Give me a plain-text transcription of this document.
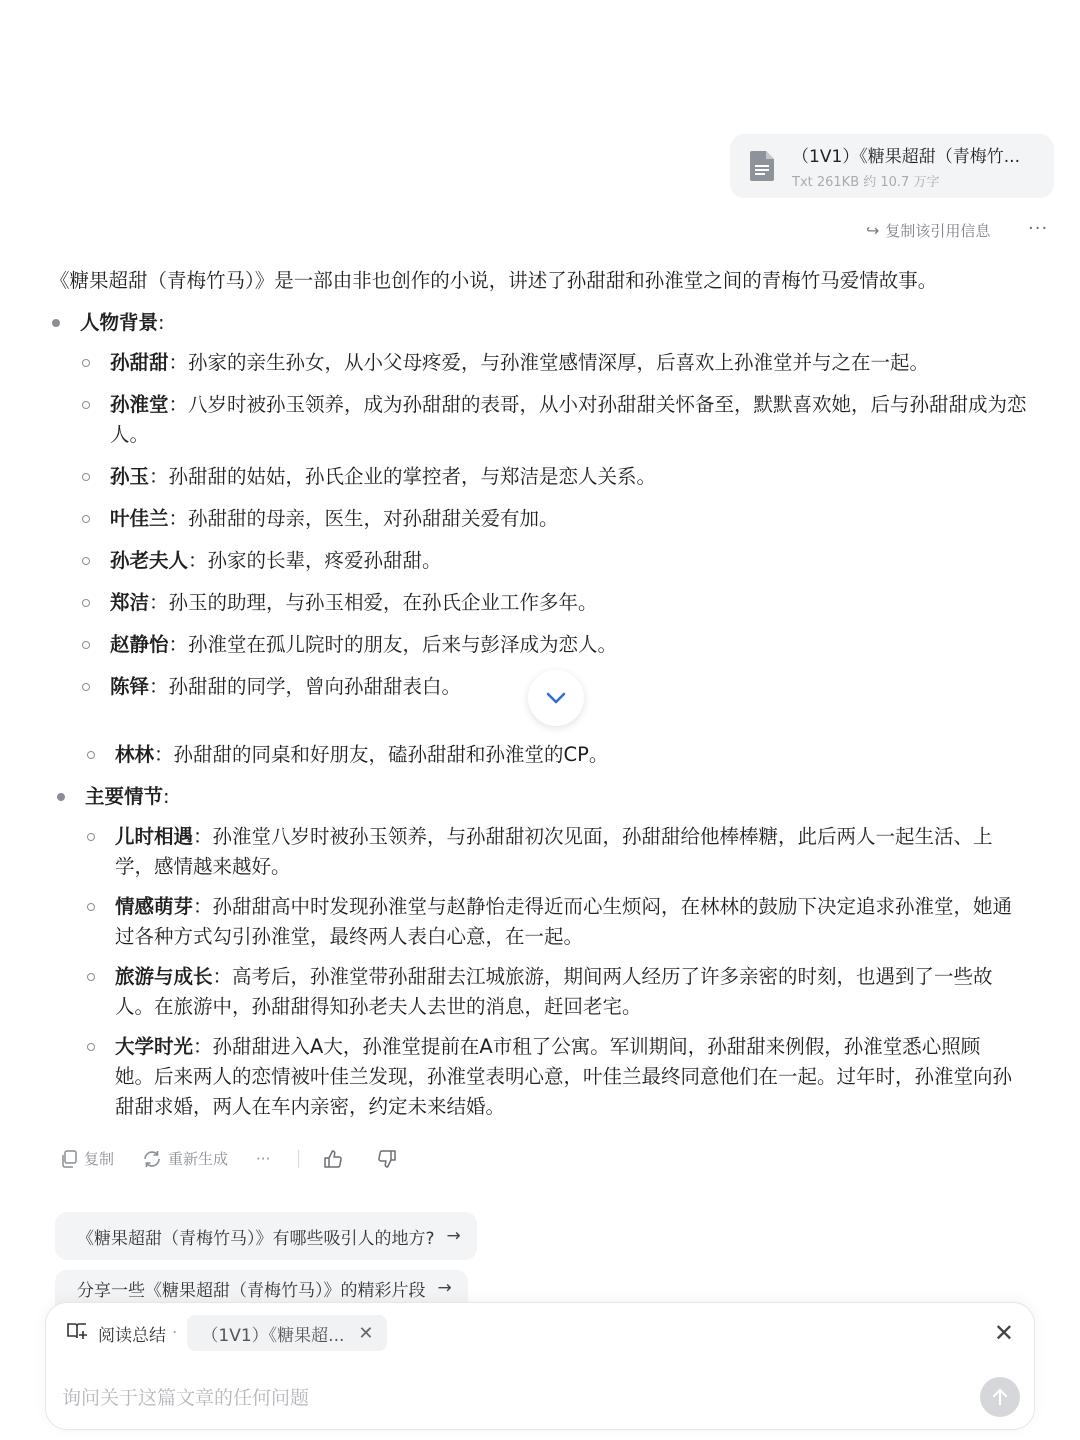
（1V1）《糖果超甜（青梅竹...
Txt 261KB 约 10.7 万字
↪ 复制该引用信息 ···
《糖果超甜（青梅竹马）》是一部由非也创作的小说，讲述了孙甜甜和孙淮堂之间的青梅竹马爱情故事。
人物背景:
孙甜甜：孙家的亲生孙女，从小父母疼爱，与孙淮堂感情深厚，后喜欢上孙淮堂并与之在一起。
孙淮堂：八岁时被孙玉领养，成为孙甜甜的表哥，从小对孙甜甜关怀备至，默默喜欢她，后与孙甜甜成为恋人。
孙玉：孙甜甜的姑姑，孙氏企业的掌控者，与郑洁是恋人关系。
叶佳兰：孙甜甜的母亲，医生，对孙甜甜关爱有加。
孙老夫人：孙家的长辈，疼爱孙甜甜。
郑洁：孙玉的助理，与孙玉相爱，在孙氏企业工作多年。
赵静怡：孙淮堂在孤儿院时的朋友，后来与彭泽成为恋人。
陈铎：孙甜甜的同学，曾向孙甜甜表白。
林林：孙甜甜的同桌和好朋友，磕孙甜甜和孙淮堂的CP。
主要情节:
儿时相遇：孙淮堂八岁时被孙玉领养，与孙甜甜初次见面，孙甜甜给他棒棒糖，此后两人一起生活、上学，感情越来越好。
情感萌芽：孙甜甜高中时发现孙淮堂与赵静怡走得近而心生烦闷，在林林的鼓励下决定追求孙淮堂，她通过各种方式勾引孙淮堂，最终两人表白心意，在一起。
旅游与成长：高考后，孙淮堂带孙甜甜去江城旅游，期间两人经历了许多亲密的时刻，也遇到了一些故人。在旅游中，孙甜甜得知孙老夫人去世的消息，赶回老宅。
大学时光：孙甜甜进入A大，孙淮堂提前在A市租了公寓。军训期间，孙甜甜来例假，孙淮堂悉心照顾她。后来两人的恋情被叶佳兰发现，孙淮堂表明心意，叶佳兰最终同意他们在一起。过年时，孙淮堂向孙甜甜求婚，两人在车内亲密，约定未来结婚。
复制	重新生成 ···
《糖果超甜（青梅竹马）》有哪些吸引人的地方? →
分享一些《糖果超甜（青梅竹马）》的精彩片段 →
阅读总结 · （1V1）《糖果超... ✕	✕
询问关于这篇文章的任何问题
